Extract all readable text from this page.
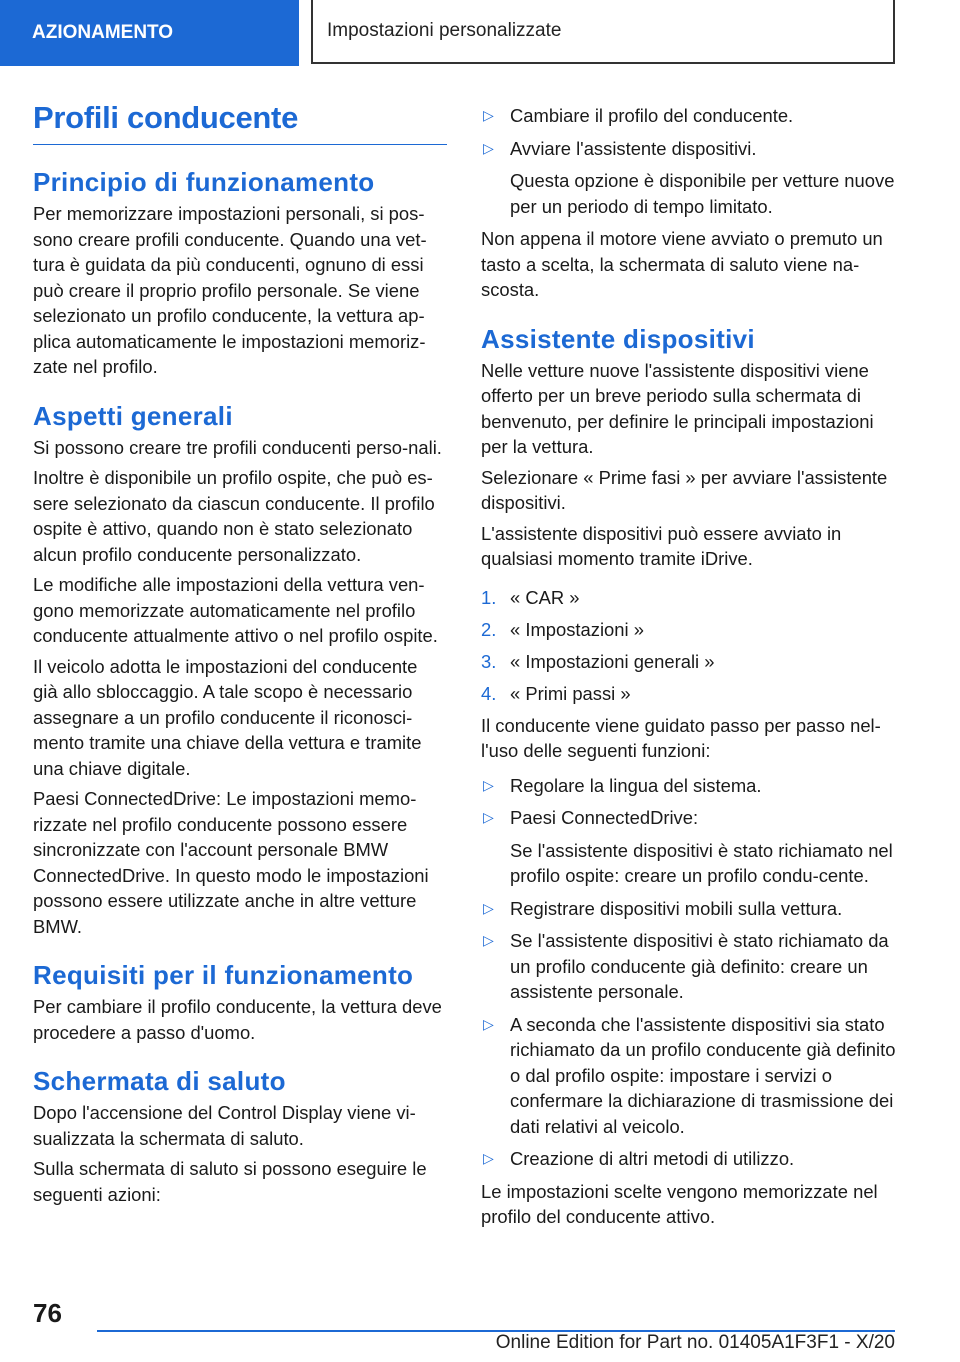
AZIONAMENTO	Impostazioni personalizzate
Profili conducente
Principio di funzionamento

Per memorizzare impostazioni personali, si pos-sono creare profili conducente. Quando una vet-tura è guidata da più conducenti, ognuno di essi può creare il proprio profilo personale. Se viene selezionato un profilo conducente, la vettura ap-plica automaticamente le impostazioni memoriz-zate nel profilo.

Aspetti generali

Si possono creare tre profili conducenti perso-nali.

Inoltre è disponibile un profilo ospite, che può es-sere selezionato da ciascun conducente. Il profilo ospite è attivo, quando non è stato selezionato alcun profilo conducente personalizzato.

Le modifiche alle impostazioni della vettura ven-gono memorizzate automaticamente nel profilo conducente attualmente attivo o nel profilo ospite.

Il veicolo adotta le impostazioni del conducente già allo sbloccaggio. A tale scopo è necessario assegnare a un profilo conducente il riconosci-mento tramite una chiave della vettura e tramite una chiave digitale.

Paesi ConnectedDrive: Le impostazioni memo-rizzate nel profilo conducente possono essere sincronizzate con l'account personale BMW ConnectedDrive. In questo modo le impostazioni possono essere utilizzate anche in altre vetture BMW.

Requisiti per il funzionamento

Per cambiare il profilo conducente, la vettura deve procedere a passo d'uomo.

Schermata di saluto

Dopo l'accensione del Control Display viene vi-sualizzata la schermata di saluto.

Sulla schermata di saluto si possono eseguire le seguenti azioni:

▷ Cambiare il profilo del conducente.
▷ Avviare l'assistente dispositivi.
Questa opzione è disponibile per vetture nuove per un periodo di tempo limitato.

Non appena il motore viene avviato o premuto un tasto a scelta, la schermata di saluto viene na-scosta.

Assistente dispositivi

Nelle vetture nuove l'assistente dispositivi viene offerto per un breve periodo sulla schermata di benvenuto, per definire le principali impostazioni per la vettura.

Selezionare « Prime fasi » per avviare l'assistente dispositivi.

L'assistente dispositivi può essere avviato in qualsiasi momento tramite iDrive.

1. « CAR »
2. « Impostazioni »
3. « Impostazioni generali »
4. « Primi passi »

Il conducente viene guidato passo per passo nel-l'uso delle seguenti funzioni:

▷ Regolare la lingua del sistema.
▷ Paesi ConnectedDrive:
Se l'assistente dispositivi è stato richiamato nel profilo ospite: creare un profilo condu-cente.
▷ Registrare dispositivi mobili sulla vettura.
▷ Se l'assistente dispositivi è stato richiamato da un profilo conducente già definito: creare un assistente personale.
▷ A seconda che l'assistente dispositivi sia stato richiamato da un profilo conducente già definito o dal profilo ospite: impostare i servizi o confermare la dichiarazione di trasmissione dei dati relativi al veicolo.
▷ Creazione di altri metodi di utilizzo.

Le impostazioni scelte vengono memorizzate nel profilo del conducente attivo.

76
Online Edition for Part no. 01405A1F3F1 - X/20
